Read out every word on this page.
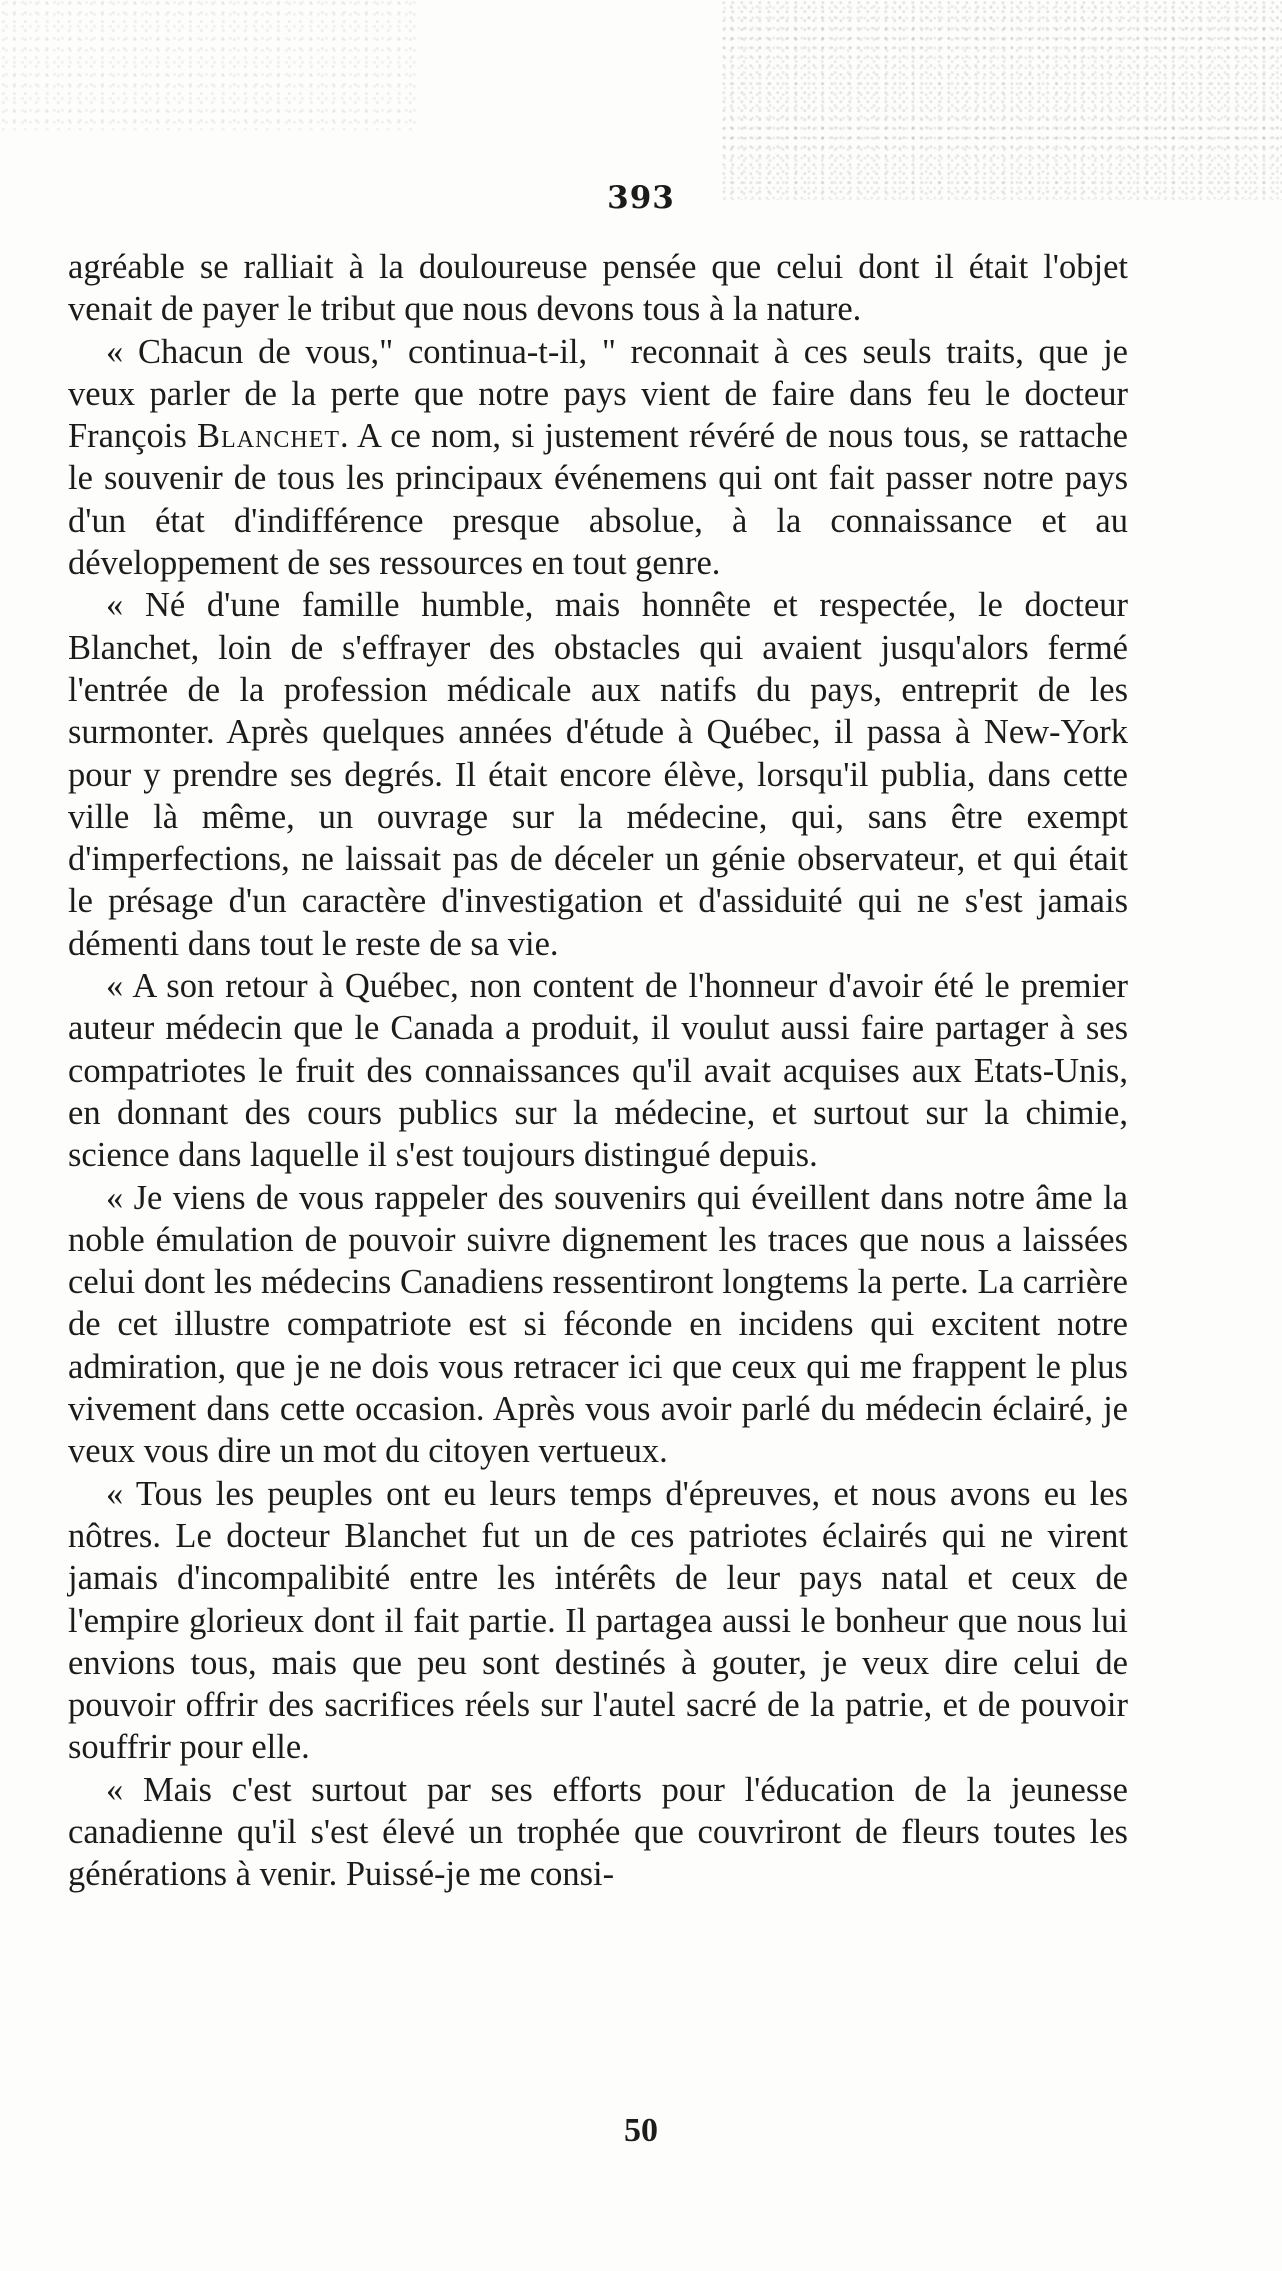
393

agréable se ralliait à la douloureuse pensée que celui dont il était l'objet venait de payer le tribut que nous devons tous à la nature.

« Chacun de vous," continua-t-il, " reconnait à ces seuls traits, que je veux parler de la perte que notre pays vient de faire dans feu le docteur François Blanchet. A ce nom, si justement révéré de nous tous, se rattache le souvenir de tous les principaux événemens qui ont fait passer notre pays d'un état d'indifférence presque absolue, à la connaissance et au développement de ses ressources en tout genre.

« Né d'une famille humble, mais honnête et respectée, le docteur Blanchet, loin de s'effrayer des obstacles qui avaient jusqu'alors fermé l'entrée de la profession médicale aux natifs du pays, entreprit de les surmonter. Après quelques années d'étude à Québec, il passa à New-York pour y prendre ses degrés. Il était encore élève, lorsqu'il publia, dans cette ville là même, un ouvrage sur la médecine, qui, sans être exempt d'imperfections, ne laissait pas de déceler un génie observateur, et qui était le présage d'un caractère d'investigation et d'assiduité qui ne s'est jamais démenti dans tout le reste de sa vie.

« A son retour à Québec, non content de l'honneur d'avoir été le premier auteur médecin que le Canada a produit, il voulut aussi faire partager à ses compatriotes le fruit des connaissances qu'il avait acquises aux Etats-Unis, en donnant des cours publics sur la médecine, et surtout sur la chimie, science dans laquelle il s'est toujours distingué depuis.

« Je viens de vous rappeler des souvenirs qui éveillent dans notre âme la noble émulation de pouvoir suivre dignement les traces que nous a laissées celui dont les médecins Canadiens ressentiront longtems la perte. La carrière de cet illustre compatriote est si féconde en incidens qui excitent notre admiration, que je ne dois vous retracer ici que ceux qui me frappent le plus vivement dans cette occasion. Après vous avoir parlé du médecin éclairé, je veux vous dire un mot du citoyen vertueux.

« Tous les peuples ont eu leurs temps d'épreuves, et nous avons eu les nôtres. Le docteur Blanchet fut un de ces patriotes éclairés qui ne virent jamais d'incompalibité entre les intérêts de leur pays natal et ceux de l'empire glorieux dont il fait partie. Il partagea aussi le bonheur que nous lui envions tous, mais que peu sont destinés à gouter, je veux dire celui de pouvoir offrir des sacrifices réels sur l'autel sacré de la patrie, et de pouvoir souffrir pour elle.

« Mais c'est surtout par ses efforts pour l'éducation de la jeunesse canadienne qu'il s'est élevé un trophée que couvriront de fleurs toutes les générations à venir. Puissé-je me consi-

50
